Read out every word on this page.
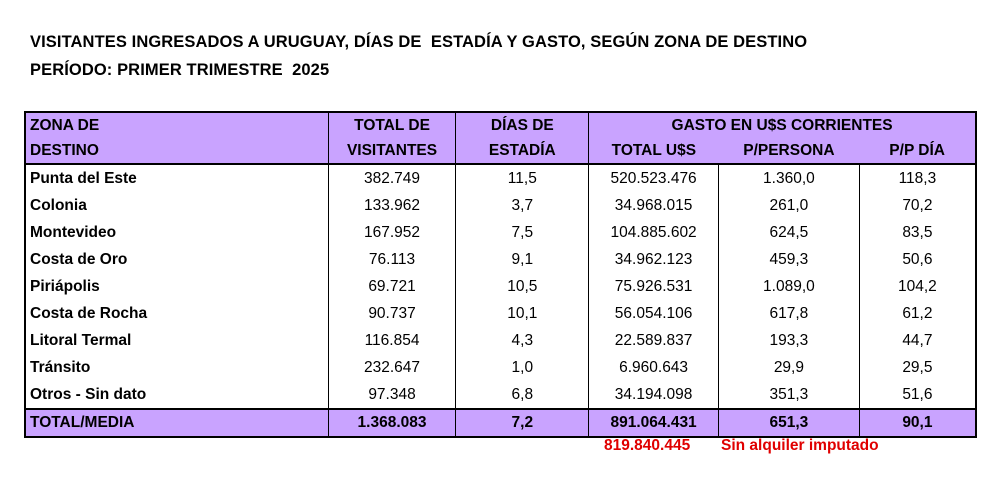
VISITANTES INGRESADOS A URUGUAY, DÍAS DE  ESTADÍA Y GASTO, SEGÚN ZONA DE DESTINO
PERÍODO: PRIMER TRIMESTRE  2025
ZONA DE	TOTAL DE	DÍAS DE	GASTO EN U$S CORRIENTES		
DESTINO	VISITANTES	ESTADÍA	TOTAL U$S	P/PERSONA	P/P DÍA
Punta del Este	382.749	11,5	520.523.476	1.360,0	118,3
Colonia	133.962	3,7	34.968.015	261,0	70,2
Montevideo	167.952	7,5	104.885.602	624,5	83,5
Costa de Oro	76.113	9,1	34.962.123	459,3	50,6
Piriápolis	69.721	10,5	75.926.531	1.089,0	104,2
Costa de Rocha	90.737	10,1	56.054.106	617,8	61,2
Litoral Termal	116.854	4,3	22.589.837	193,3	44,7
Tránsito	232.647	1,0	6.960.643	29,9	29,5
Otros - Sin dato	97.348	6,8	34.194.098	351,3	51,6
TOTAL/MEDIA	1.368.083	7,2	891.064.431	651,3	90,1
819.840.445 Sin alquiler imputado
